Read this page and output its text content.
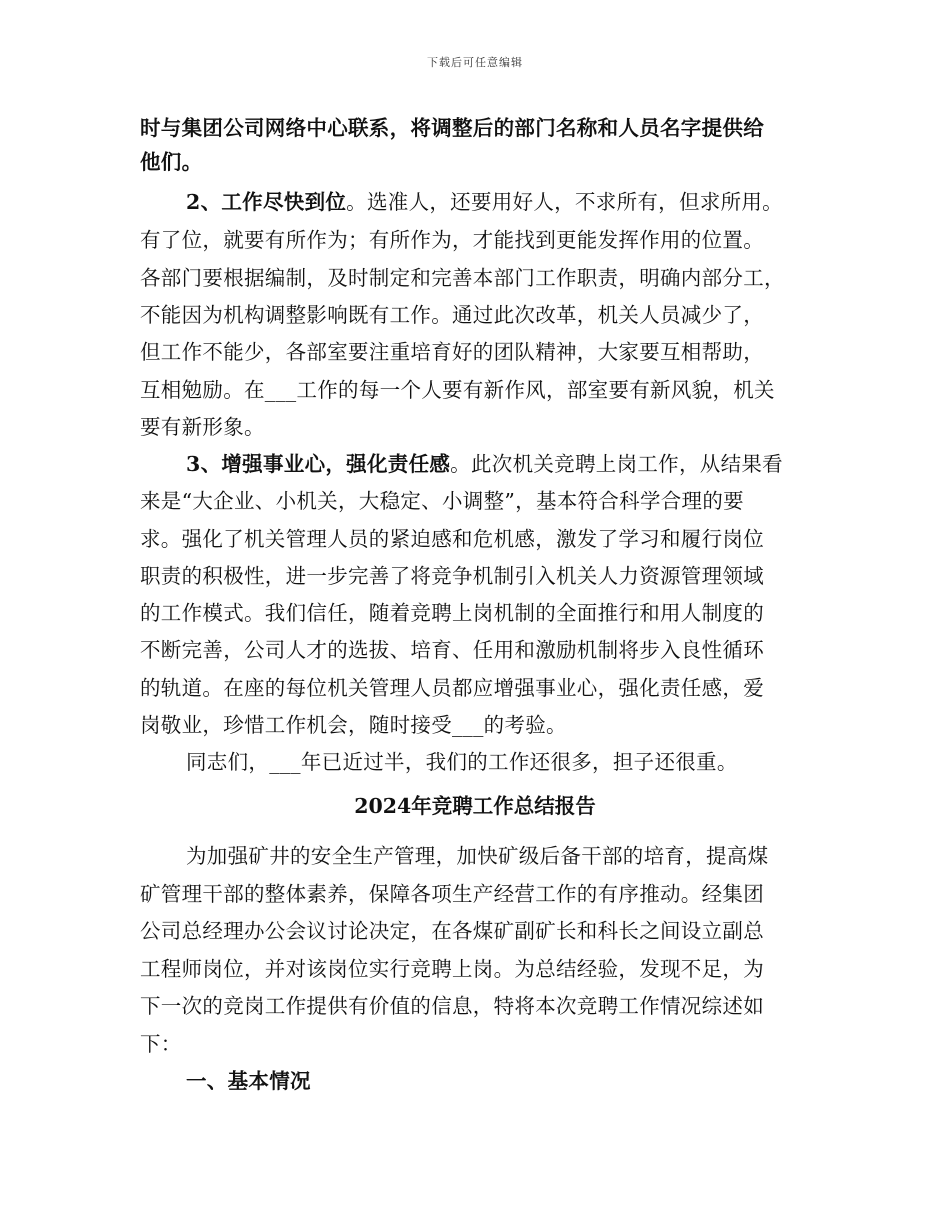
下载后可任意编辑
时与集团公司网络中心联系，将调整后的部门名称和人员名字提供给
他们。
2、工作尽快到位。选准人，还要用好人，不求所有，但求所用。
有了位，就要有所作为；有所作为，才能找到更能发挥作用的位置。
各部门要根据编制，及时制定和完善本部门工作职责，明确内部分工，
不能因为机构调整影响既有工作。通过此次改革，机关人员减少了，
但工作不能少，各部室要注重培育好的团队精神，大家要互相帮助，
互相勉励。在___工作的每一个人要有新作风，部室要有新风貌，机关
要有新形象。
3、增强事业心，强化责任感。此次机关竞聘上岗工作，从结果看
来是“大企业、小机关，大稳定、小调整”，基本符合科学合理的要
求。强化了机关管理人员的紧迫感和危机感，激发了学习和履行岗位
职责的积极性，进一步完善了将竞争机制引入机关人力资源管理领域
的工作模式。我们信任，随着竞聘上岗机制的全面推行和用人制度的
不断完善，公司人才的选拔、培育、任用和激励机制将步入良性循环
的轨道。在座的每位机关管理人员都应增强事业心，强化责任感，爱
岗敬业，珍惜工作机会，随时接受___的考验。
同志们，___年已近过半，我们的工作还很多，担子还很重。
2024年竞聘工作总结报告
为加强矿井的安全生产管理，加快矿级后备干部的培育，提高煤
矿管理干部的整体素养，保障各项生产经营工作的有序推动。经集团
公司总经理办公会议讨论决定，在各煤矿副矿长和科长之间设立副总
工程师岗位，并对该岗位实行竞聘上岗。为总结经验，发现不足，为
下一次的竞岗工作提供有价值的信息，特将本次竞聘工作情况综述如
下：
一、基本情况
